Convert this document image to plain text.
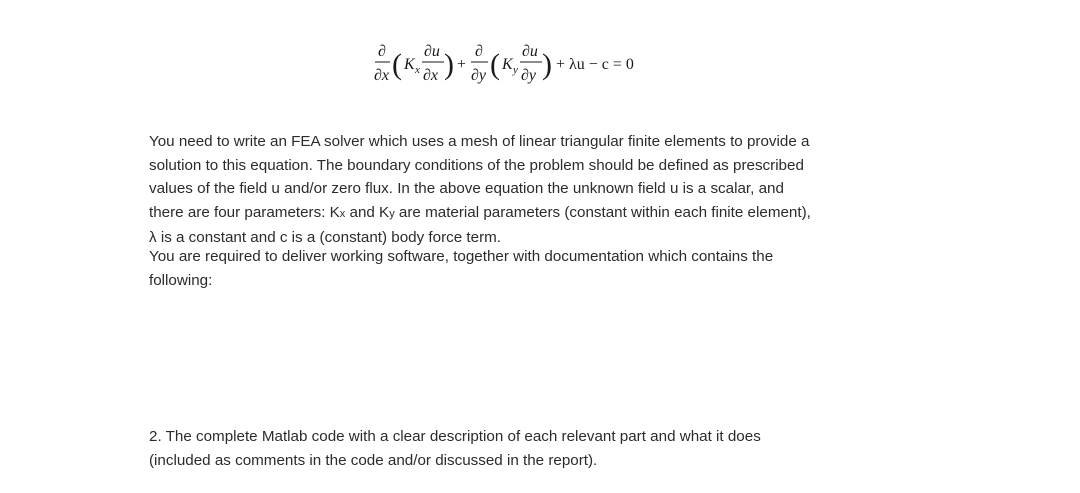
∂
∂x ( K x
∂u
∂x ) +
∂
∂y ( K y
∂u
∂y ) + λu − c = 0

You need to write an FEA solver which uses a mesh of linear triangular finite elements to provide a
solution to this equation. The boundary conditions of the problem should be defined as prescribed
values of the field u and/or zero flux. In the above equation the unknown field u is a scalar, and
there are four parameters: Kx and Ky are material parameters (constant within each finite element),
λ is a constant and c is a (constant) body force term.

You are required to deliver working software, together with documentation which contains the
following:

2. The complete Matlab code with a clear description of each relevant part and what it does
(included as comments in the code and/or discussed in the report).
